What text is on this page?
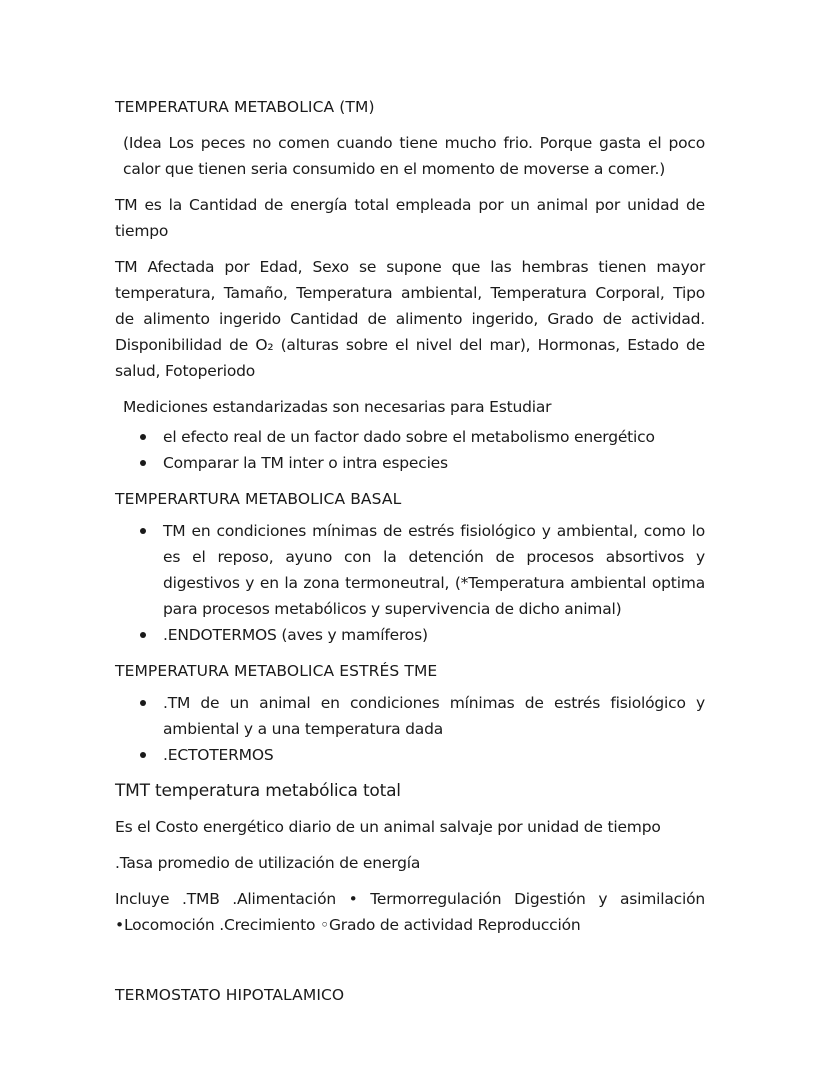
TEMPERATURA METABOLICA (TM)
(Idea Los peces no comen cuando tiene mucho frio. Porque gasta el poco calor que tienen seria consumido en el momento de moverse a comer.)
TM es la Cantidad de energía total empleada por un animal por unidad de tiempo
TM Afectada por Edad, Sexo se supone que las hembras tienen mayor temperatura, Tamaño, Temperatura ambiental, Temperatura Corporal, Tipo de alimento ingerido Cantidad de alimento ingerido, Grado de actividad. Disponibilidad de O₂ (alturas sobre el nivel del mar), Hormonas, Estado de salud, Fotoperiodo
Mediciones estandarizadas son necesarias para Estudiar
el efecto real de un factor dado sobre el metabolismo energético
Comparar la TM inter o intra especies
TEMPERARTURA METABOLICA BASAL
TM en condiciones mínimas de estrés fisiológico y ambiental, como lo es el reposo, ayuno con la detención de procesos absortivos y digestivos y en la zona termoneutral, (*Temperatura ambiental optima para procesos metabólicos y supervivencia de dicho animal)
.ENDOTERMOS (aves y mamíferos)
TEMPERATURA METABOLICA ESTRÉS TME
.TM de un animal en condiciones mínimas de estrés fisiológico y ambiental y a una temperatura dada
.ECTOTERMOS
TMT temperatura metabólica total
Es el Costo energético diario de un animal salvaje por unidad de tiempo
.Tasa promedio de utilización de energía
Incluye .TMB .Alimentación • Termorregulación Digestión y asimilación •Locomoción .Crecimiento ◦Grado de actividad Reproducción
TERMOSTATO HIPOTALAMICO
